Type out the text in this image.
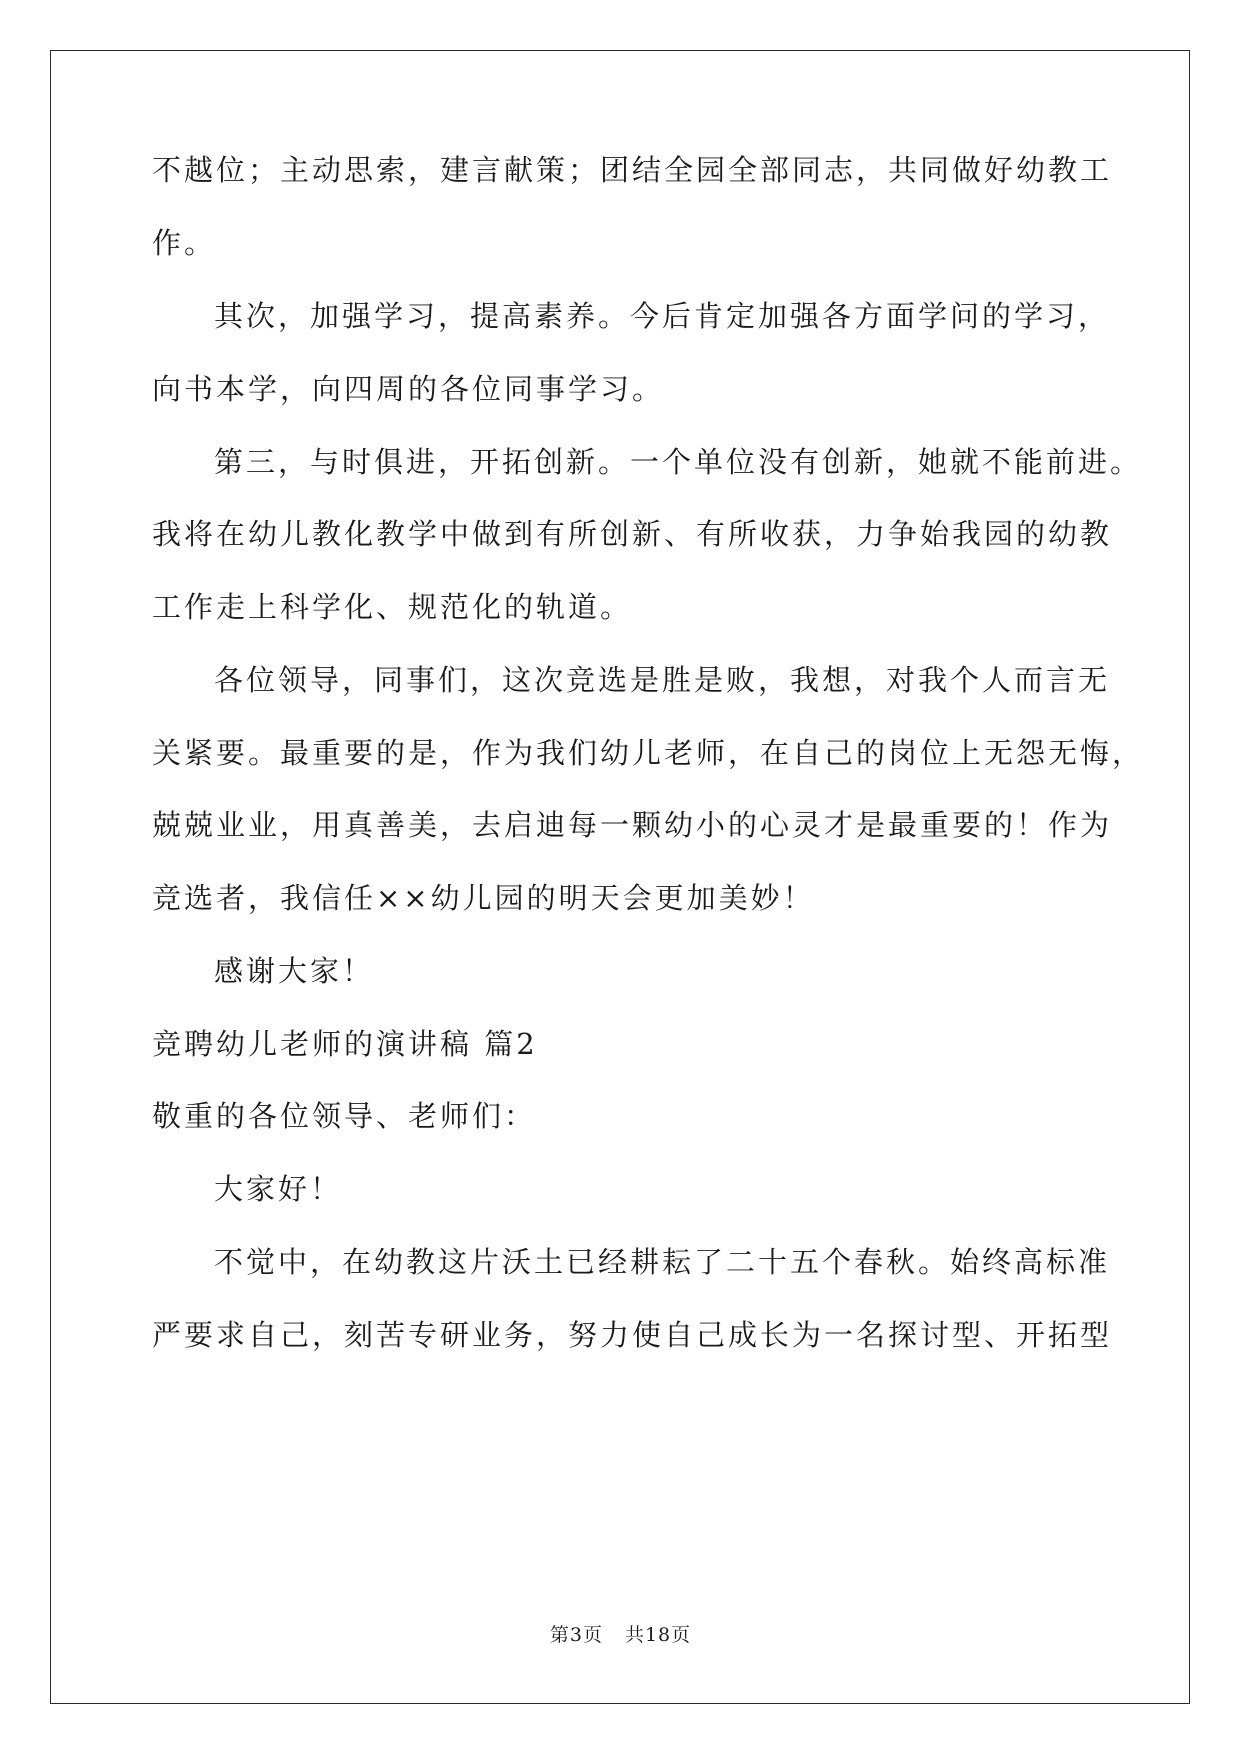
不越位；主动思索，建言献策；团结全园全部同志，共同做好幼教工
作。
其次，加强学习，提高素养。今后肯定加强各方面学问的学习，
向书本学，向四周的各位同事学习。
第三，与时俱进，开拓创新。一个单位没有创新，她就不能前进。
我将在幼儿教化教学中做到有所创新、有所收获，力争始我园的幼教
工作走上科学化、规范化的轨道。
各位领导，同事们，这次竞选是胜是败，我想，对我个人而言无
关紧要。最重要的是，作为我们幼儿老师，在自己的岗位上无怨无悔，
兢兢业业，用真善美，去启迪每一颗幼小的心灵才是最重要的！作为
竞选者，我信任××幼儿园的明天会更加美妙！
感谢大家！
竞聘幼儿老师的演讲稿 篇2
敬重的各位领导、老师们：
大家好！
不觉中，在幼教这片沃土已经耕耘了二十五个春秋。始终高标准
严要求自己，刻苦专研业务，努力使自己成长为一名探讨型、开拓型
第3页 共18页
